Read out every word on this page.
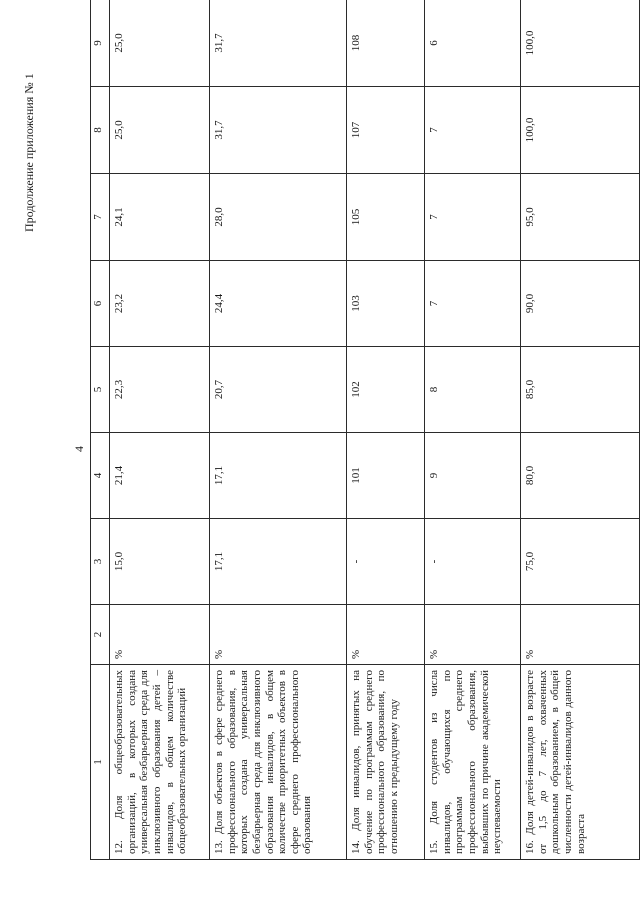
4
Продолжение приложения № 1
1	2	3	4	5	6	7	8	9
12. Доля общеобразовательных организаций, в которых создана универсальная безбарьерная среда для инклюзивного образования детей – инвалидов, в общем количестве общеобразовательных организаций	%	15,0	21,4	22,3	23,2	24,1	25,0	25,0
13. Доля объектов в сфере среднего профессионального образования, в которых создана универсальная безбарьерная среда для инклюзивного образования инвалидов, в общем количестве приоритетных объектов в сфере среднего профессионального образования	%	17,1	17,1	20,7	24,4	28,0	31,7	31,7
14. Доля инвалидов, принятых на обучение по программам среднего профессионального образования, по отношению к предыдущему году	%	-	101	102	103	105	107	108
15. Доля студентов из числа инвалидов, обучающихся по программам среднего профессионального образования, выбывших по причине академической неуспеваемости	%	-	9	8	7	7	7	6
16. Доля детей-инвалидов в возрасте от 1,5 до 7 лет, охваченных дошкольным образованием, в общей численности детей-инвалидов данного возраста	%	75,0	80,0	85,0	90,0	95,0	100,0	100,0
